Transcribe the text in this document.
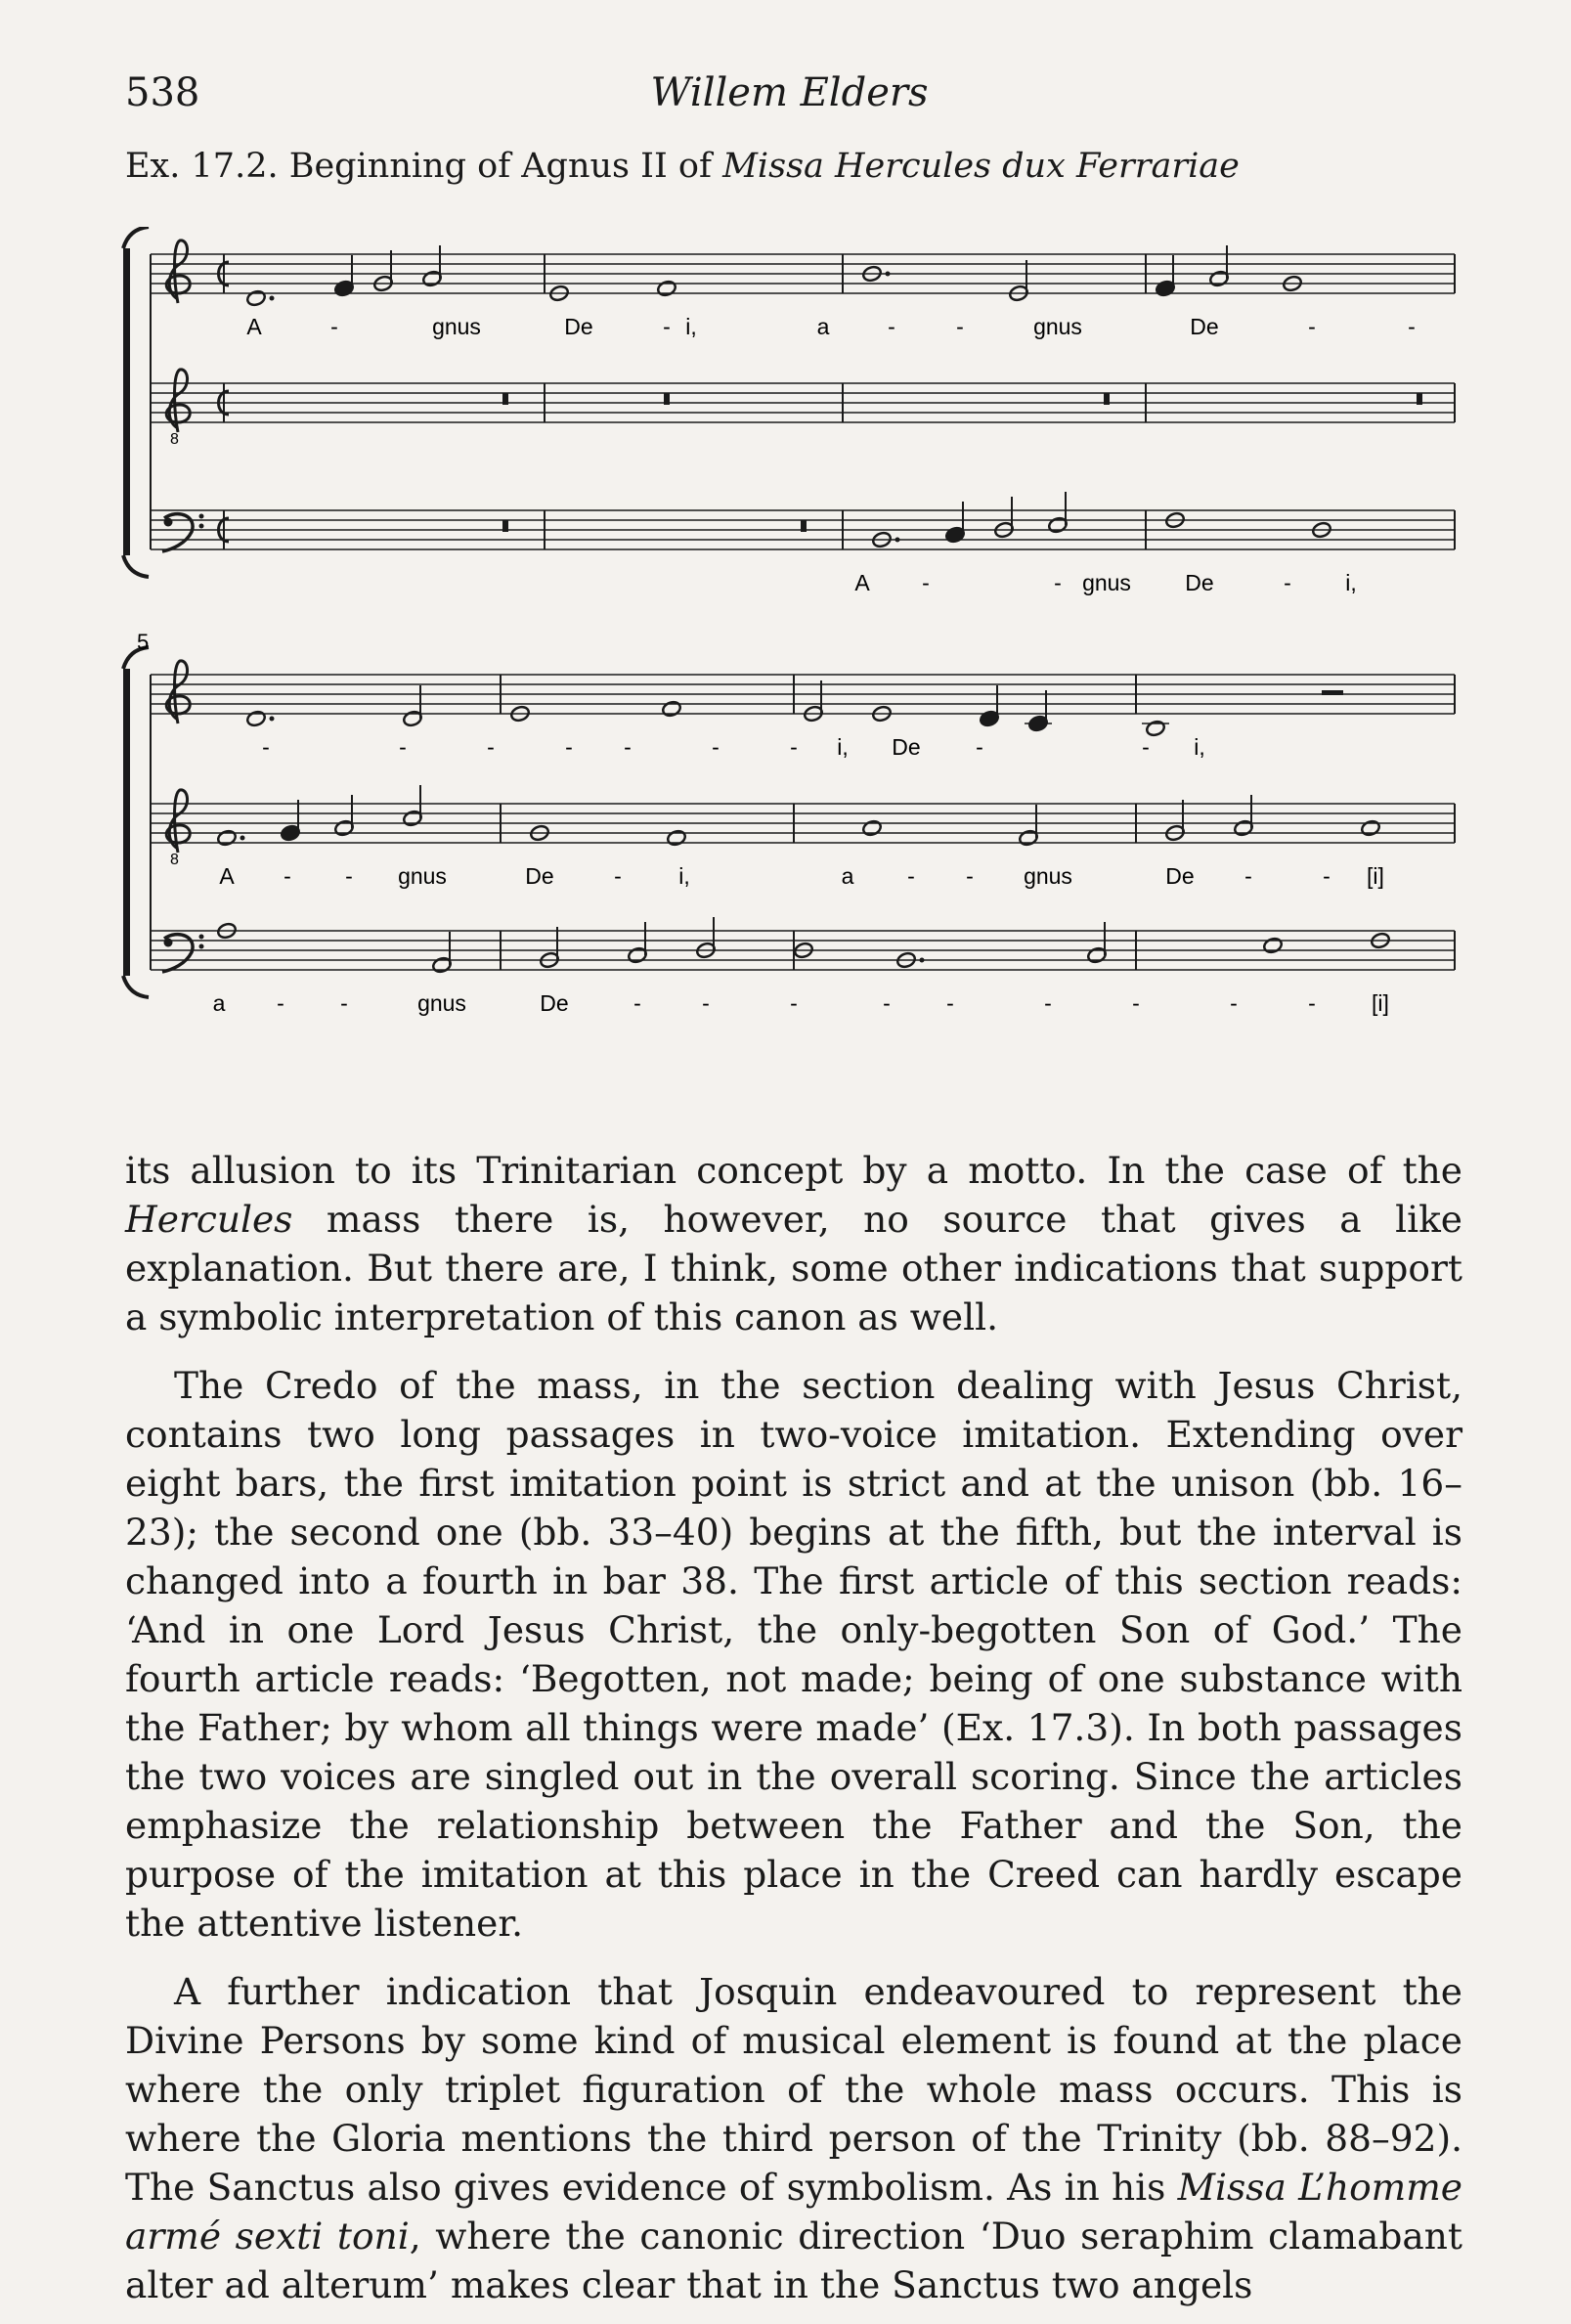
538	Willem Elders
Ex. 17.2. Beginning of Agnus II of Missa Hercules dux Ferrariae
A	-	gnus	De	- i,	a	-	-	gnus	De	-	-
8
A -	- gnus De	- i,
-	-	-	- -	-	- i, De -	- i,
8
A - - gnus	De	-	i,	a - - gnus	De -	- [i]
a - -	gnus	De	-	-	-	- -	-	-	-	- [i]
5

its allusion to its Trinitarian concept by a motto. In the case of the Hercules mass there is, however, no source that gives a like explanation. But there are, I think, some other indications that support a symbolic interpretation of this canon as well.

The Credo of the mass, in the section dealing with Jesus Christ, contains two long passages in two-voice imitation. Extending over eight bars, the first imitation point is strict and at the unison (bb. 16–23); the second one (bb. 33–40) begins at the fifth, but the interval is changed into a fourth in bar 38. The first article of this section reads: ‘And in one Lord Jesus Christ, the only-begotten Son of God.’ The fourth article reads: ‘Begotten, not made; being of one substance with the Father; by whom all things were made’ (Ex. 17.3). In both passages the two voices are singled out in the overall scoring. Since the articles emphasize the relationship between the Father and the Son, the purpose of the imitation at this place in the Creed can hardly escape the attentive listener.

A further indication that Josquin endeavoured to represent the Divine Persons by some kind of musical element is found at the place where the only triplet figuration of the whole mass occurs. This is where the Gloria mentions the third person of the Trinity (bb. 88–92). The Sanctus also gives evidence of symbolism. As in his Missa L’homme armé sexti toni, where the canonic direction ‘Duo seraphim clamabant alter ad alterum’ makes clear that in the Sanctus two angels
